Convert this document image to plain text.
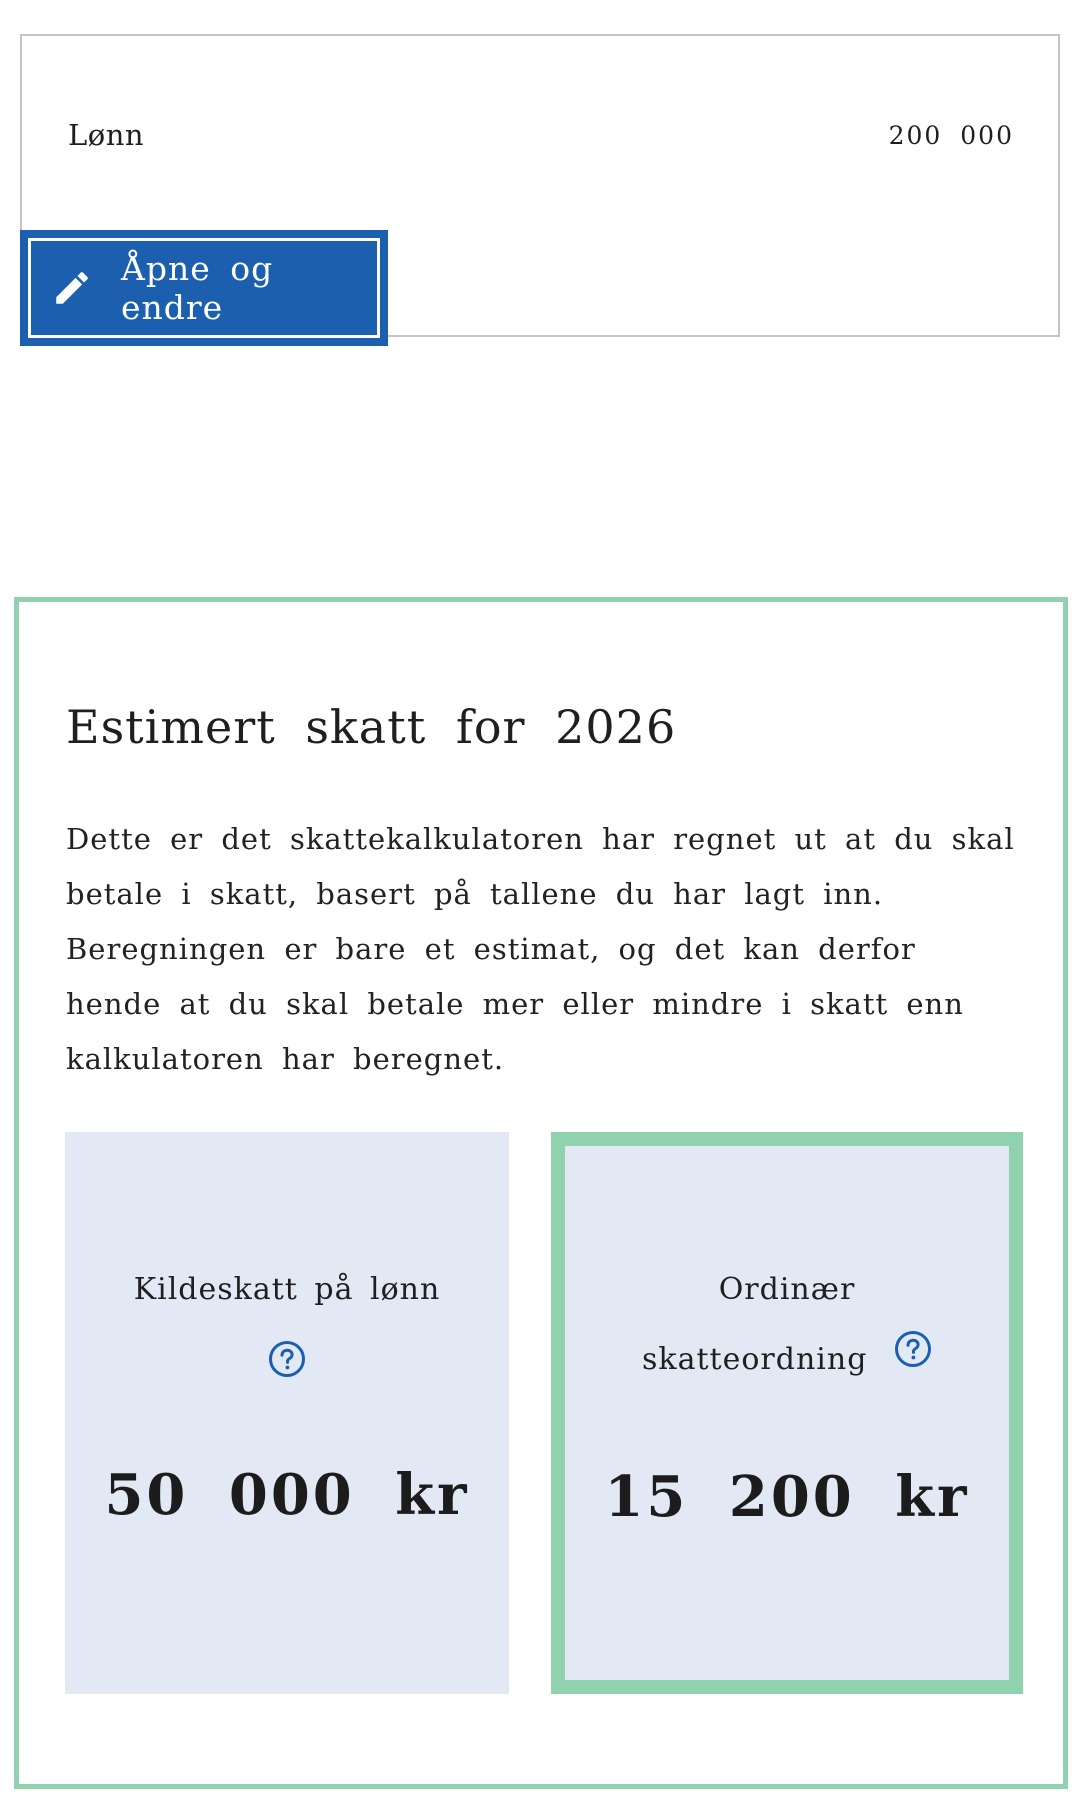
Lønn	200 000
Åpne og endre
Estimert skatt for 2026

Dette er det skattekalkulatoren har regnet ut at du skal betale i skatt, basert på tallene du har lagt inn. Beregningen er bare et estimat, og det kan derfor hende at du skal betale mer eller mindre i skatt enn kalkulatoren har beregnet.

Kildeskatt på lønn
50 000 kr
Ordinær
skatteordning
15 200 kr
